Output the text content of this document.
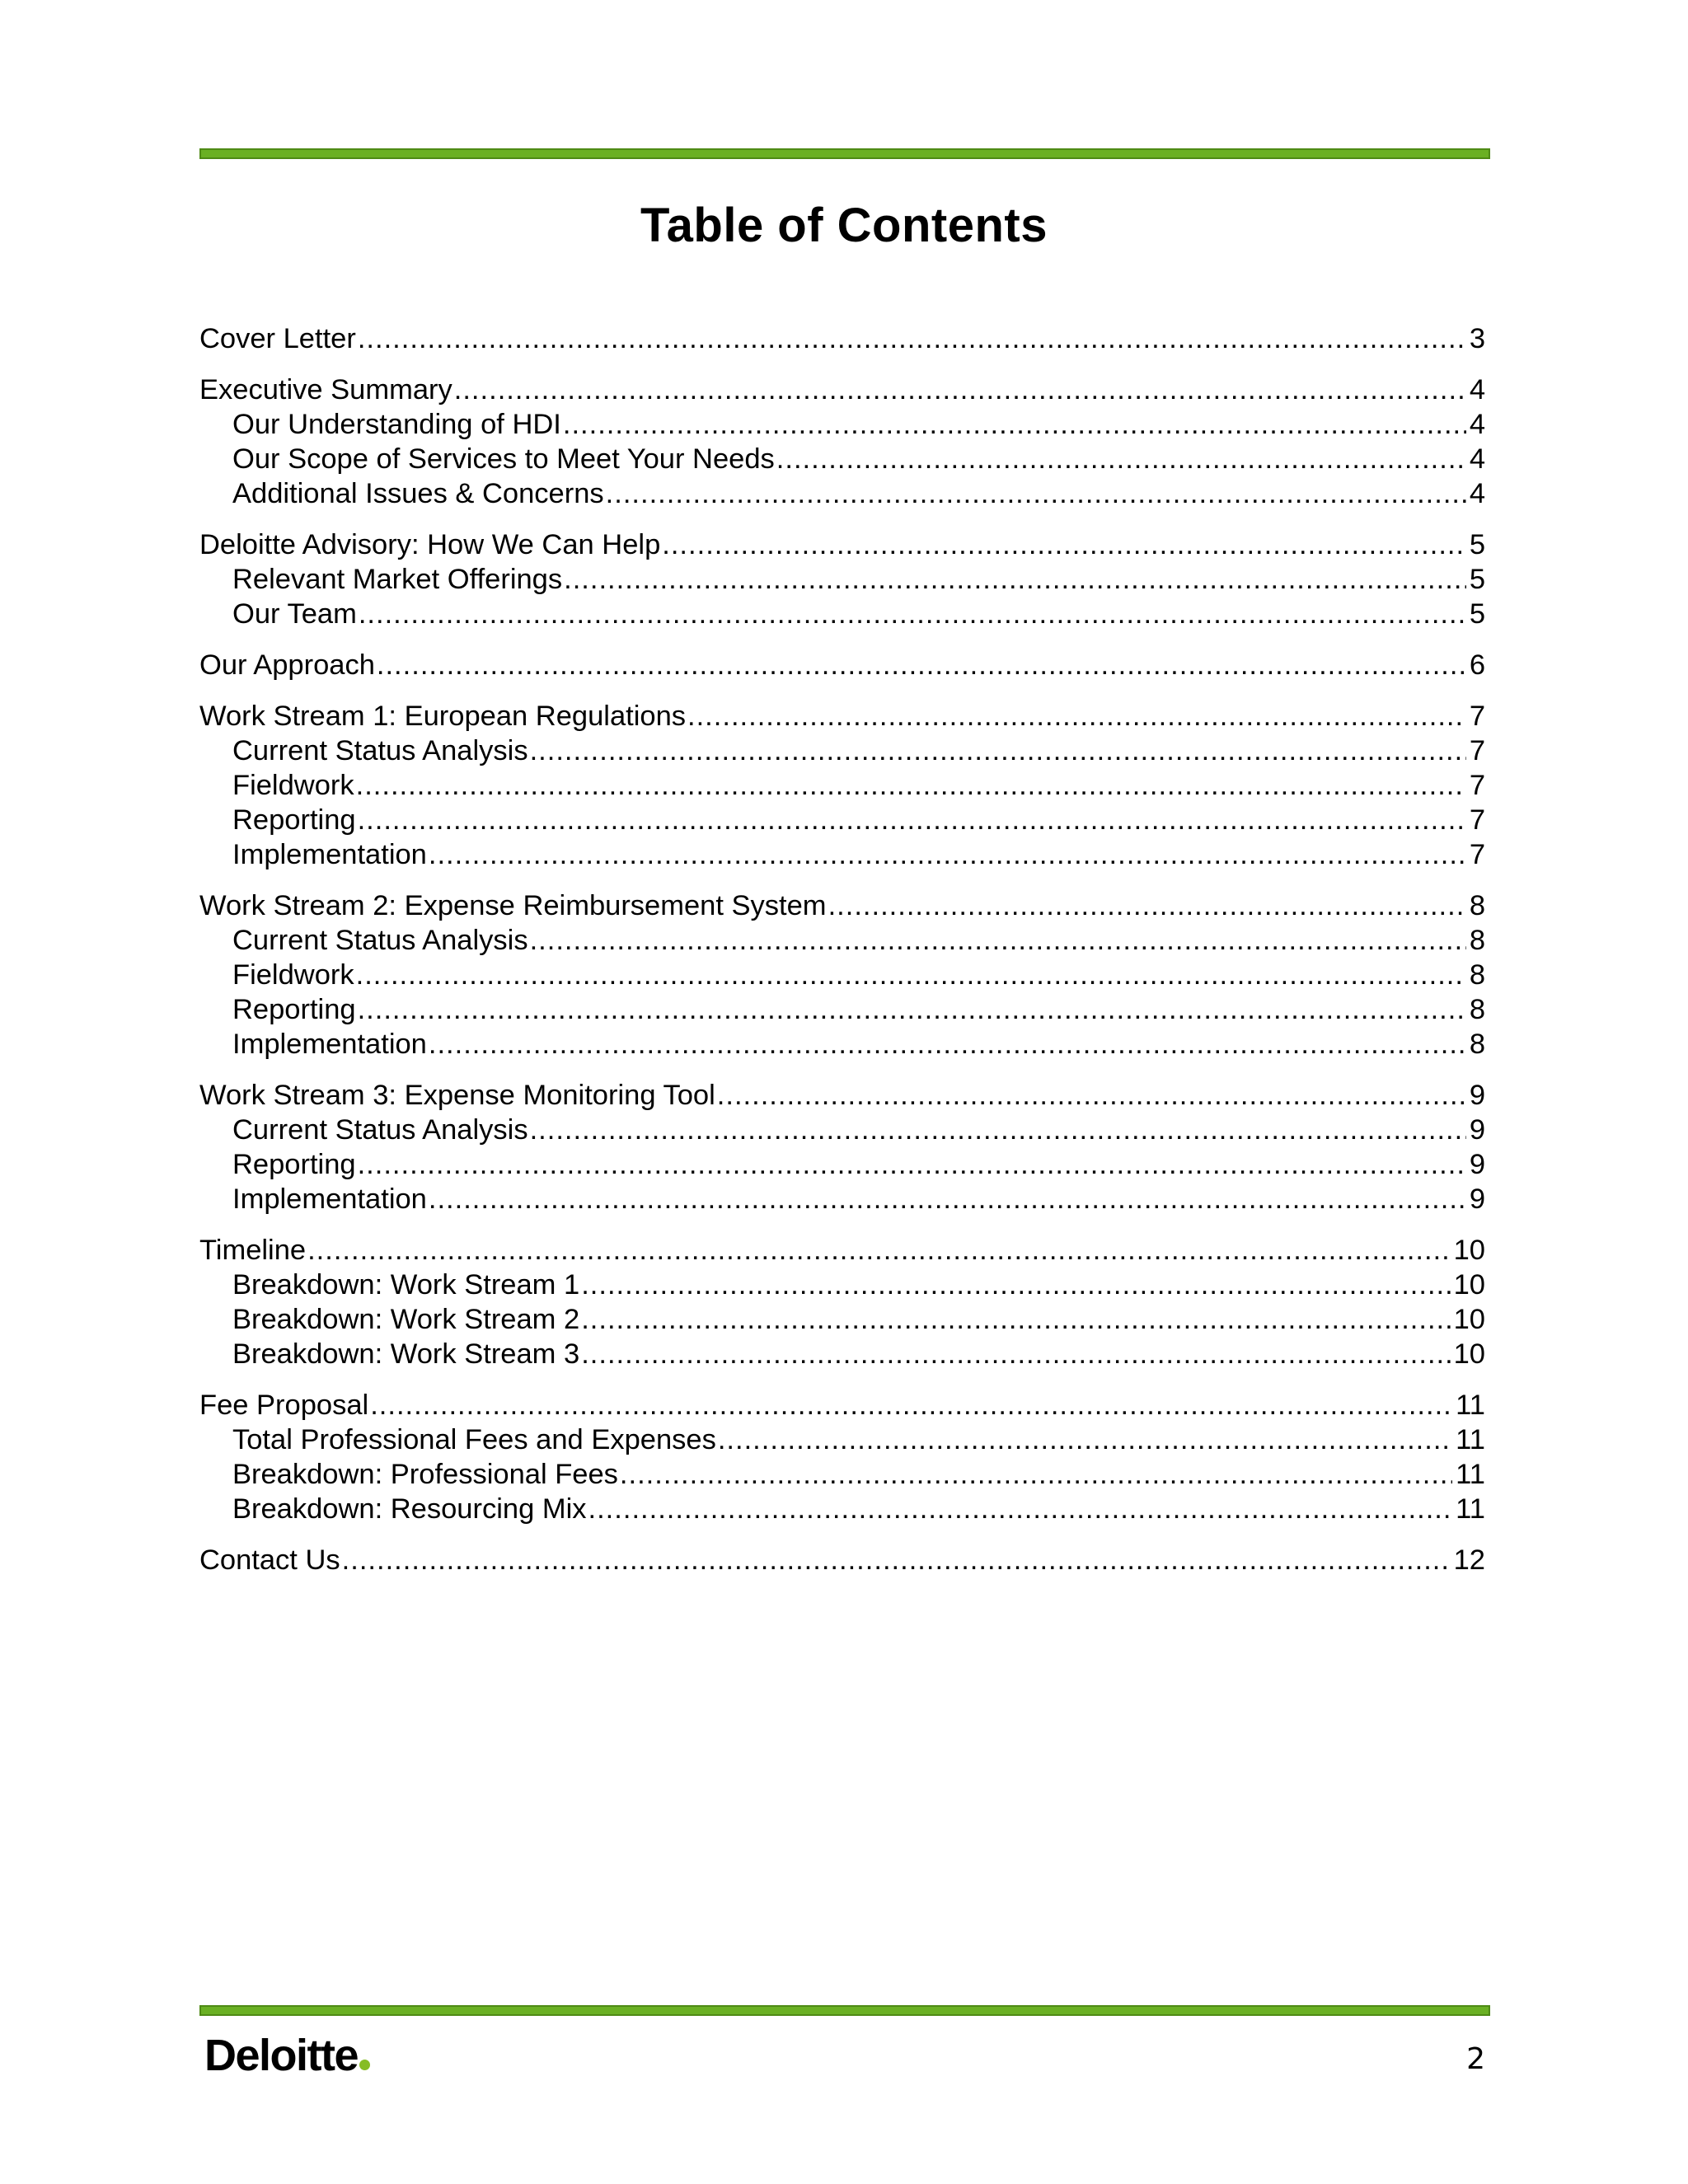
Table of Contents
Cover Letter .....	3
Executive Summary .....	4
Our Understanding of HDI .....	4
Our Scope of Services to Meet Your Needs .....	4
Additional Issues & Concerns .....	4
Deloitte Advisory: How We Can Help .....	5
Relevant Market Offerings .....	5
Our Team .....	5
Our Approach .....	6
Work Stream 1: European Regulations .....	7
Current Status Analysis .....	7
Fieldwork .....	7
Reporting .....	7
Implementation .....	7
Work Stream 2: Expense Reimbursement System .....	8
Current Status Analysis .....	8
Fieldwork .....	8
Reporting .....	8
Implementation .....	8
Work Stream 3: Expense Monitoring Tool .....	9
Current Status Analysis .....	9
Reporting .....	9
Implementation .....	9
Timeline .....	10
Breakdown: Work Stream 1 .....	10
Breakdown: Work Stream 2 .....	10
Breakdown: Work Stream 3 .....	10
Fee Proposal .....	11
Total Professional Fees and Expenses .....	11
Breakdown: Professional Fees .....	11
Breakdown: Resourcing Mix .....	11
Contact Us .....	12
Deloitte	2
